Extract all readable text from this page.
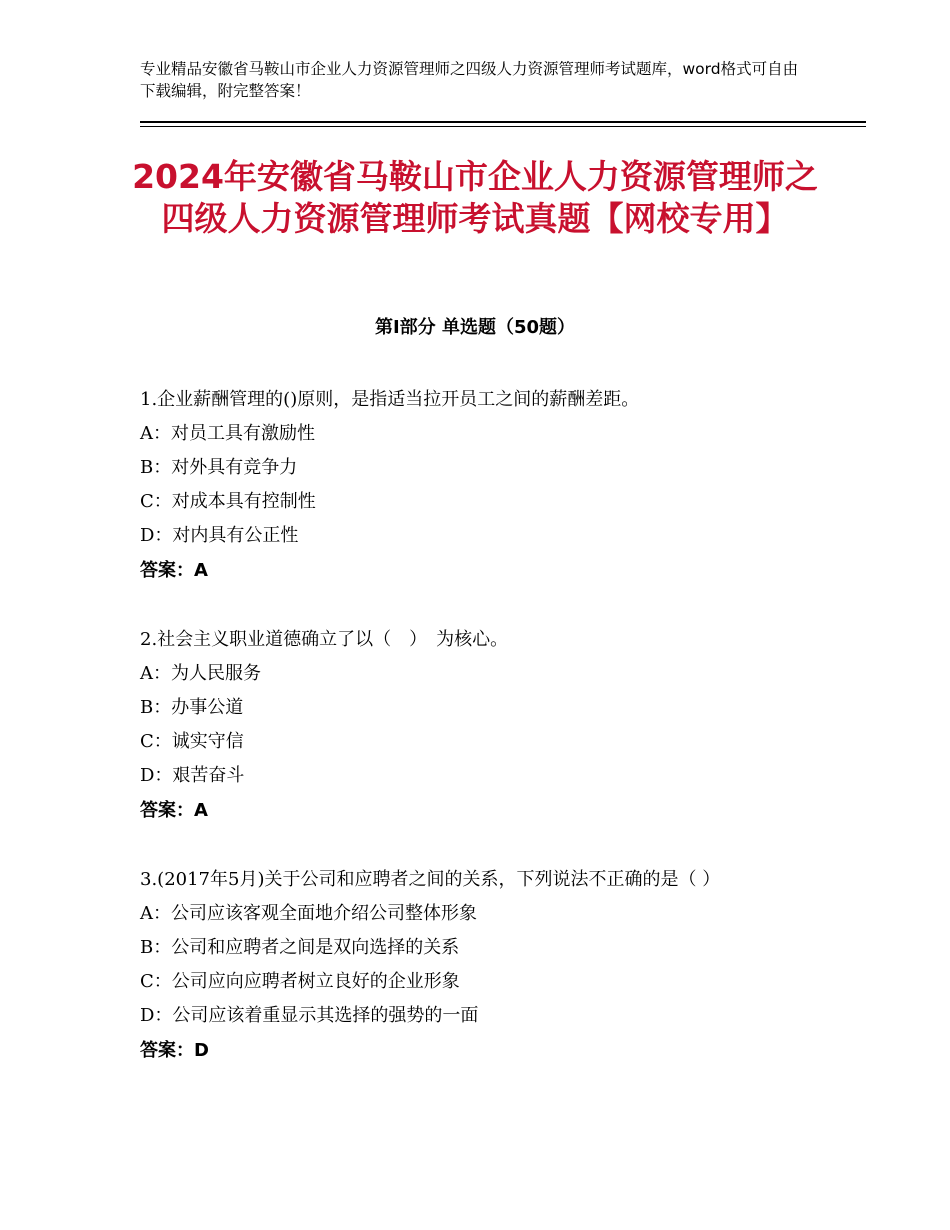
专业精品安徽省马鞍山市企业人力资源管理师之四级人力资源管理师考试题库，word格式可自由下载编辑，附完整答案！
2024年安徽省马鞍山市企业人力资源管理师之四级人力资源管理师考试真题【网校专用】
第Ⅰ部分 单选题（50题）
1.企业薪酬管理的()原则，是指适当拉开员工之间的薪酬差距。
A：对员工具有激励性
B：对外具有竞争力
C：对成本具有控制性
D：对内具有公正性
答案：A
2.社会主义职业道德确立了以（　）　为核心。
A：为人民服务
B：办事公道
C：诚实守信
D：艰苦奋斗
答案：A
3.(2017年5月)关于公司和应聘者之间的关系，下列说法不正确的是（ ）
A：公司应该客观全面地介绍公司整体形象
B：公司和应聘者之间是双向选择的关系
C：公司应向应聘者树立良好的企业形象
D：公司应该着重显示其选择的强势的一面
答案：D
